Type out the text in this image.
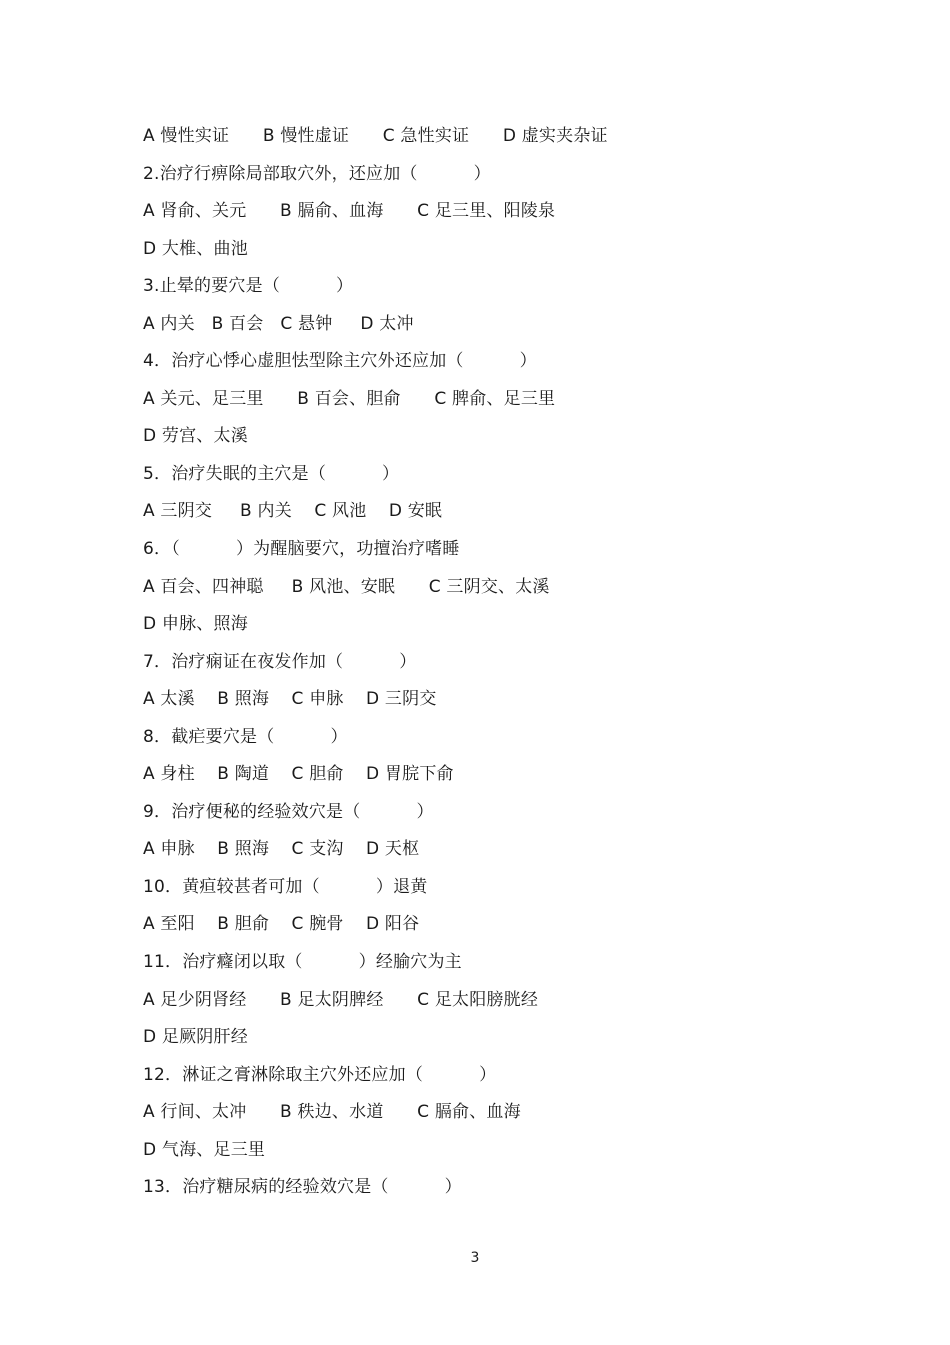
A 慢性实证      B 慢性虚证      C 急性实证      D 虚实夹杂证
2.治疗行痹除局部取穴外，还应加（          ）
A 肾俞、关元      B 膈俞、血海      C 足三里、阳陵泉
D 大椎、曲池
3.止晕的要穴是（          ）
A 内关   B 百会   C 悬钟     D 太冲
4．治疗心悸心虚胆怯型除主穴外还应加（          ）
A 关元、足三里      B 百会、胆俞      C 脾俞、足三里
D 劳宫、太溪
5．治疗失眠的主穴是（          ）
A 三阴交     B 内关    C 风池    D 安眠
6．（          ）为醒脑要穴，功擅治疗嗜睡
A 百会、四神聪     B 风池、安眠      C 三阴交、太溪
D 申脉、照海
7．治疗痫证在夜发作加（          ）
A 太溪    B 照海    C 申脉    D 三阴交
8．截疟要穴是（          ）
A 身柱    B 陶道    C 胆俞    D 胃脘下俞
9．治疗便秘的经验效穴是（          ）
A 申脉    B 照海    C 支沟    D 天枢
10．黄疸较甚者可加（          ）退黄
A 至阳    B 胆俞    C 腕骨    D 阳谷
11．治疗癃闭以取（          ）经腧穴为主
A 足少阴肾经      B 足太阴脾经      C 足太阳膀胱经
D 足厥阴肝经
12．淋证之膏淋除取主穴外还应加（          ）
A 行间、太冲      B 秩边、水道      C 膈俞、血海
D 气海、足三里
13．治疗糖尿病的经验效穴是（          ）
3
